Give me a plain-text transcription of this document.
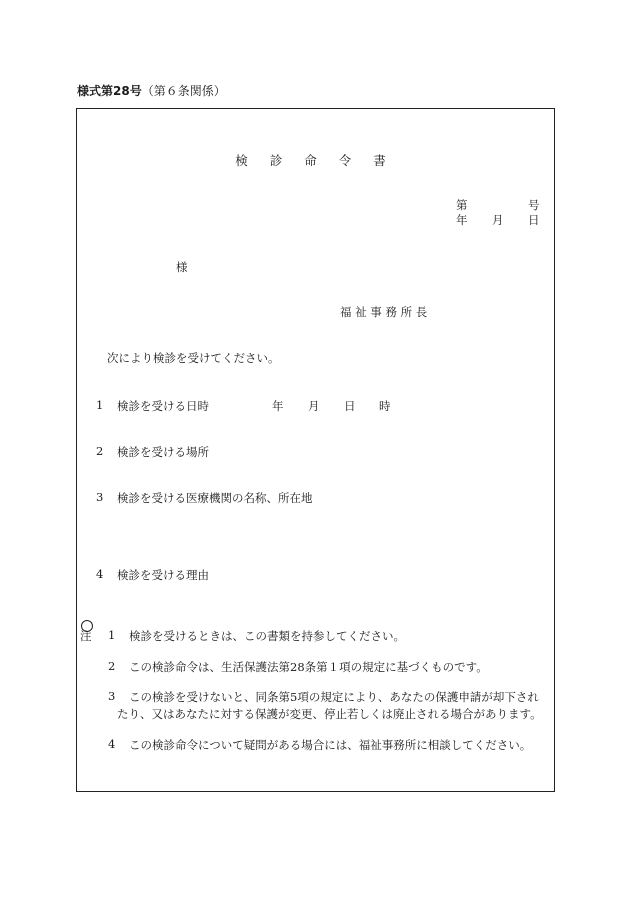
様式第28号（第６条関係）
検 診 命 令 書
第	号
年 月 日
様
福 祉 事 務 所 長
次により検診を受けてください。
1 検診を受ける日時	年 月 日 時
2 検診を受ける場所
3 検診を受ける医療機関の名称、所在地
4 検診を受ける理由
注 1 検診を受けるときは、この書類を持参してください。
2 この検診命令は、生活保護法第28条第１項の規定に基づくものです。
3 この検診を受けないと、同条第5項の規定により、あなたの保護申請が却下され
たり、又はあなたに対する保護が変更、停止若しくは廃止される場合があります。
4 この検診命令について疑問がある場合には、福祉事務所に相談してください。
